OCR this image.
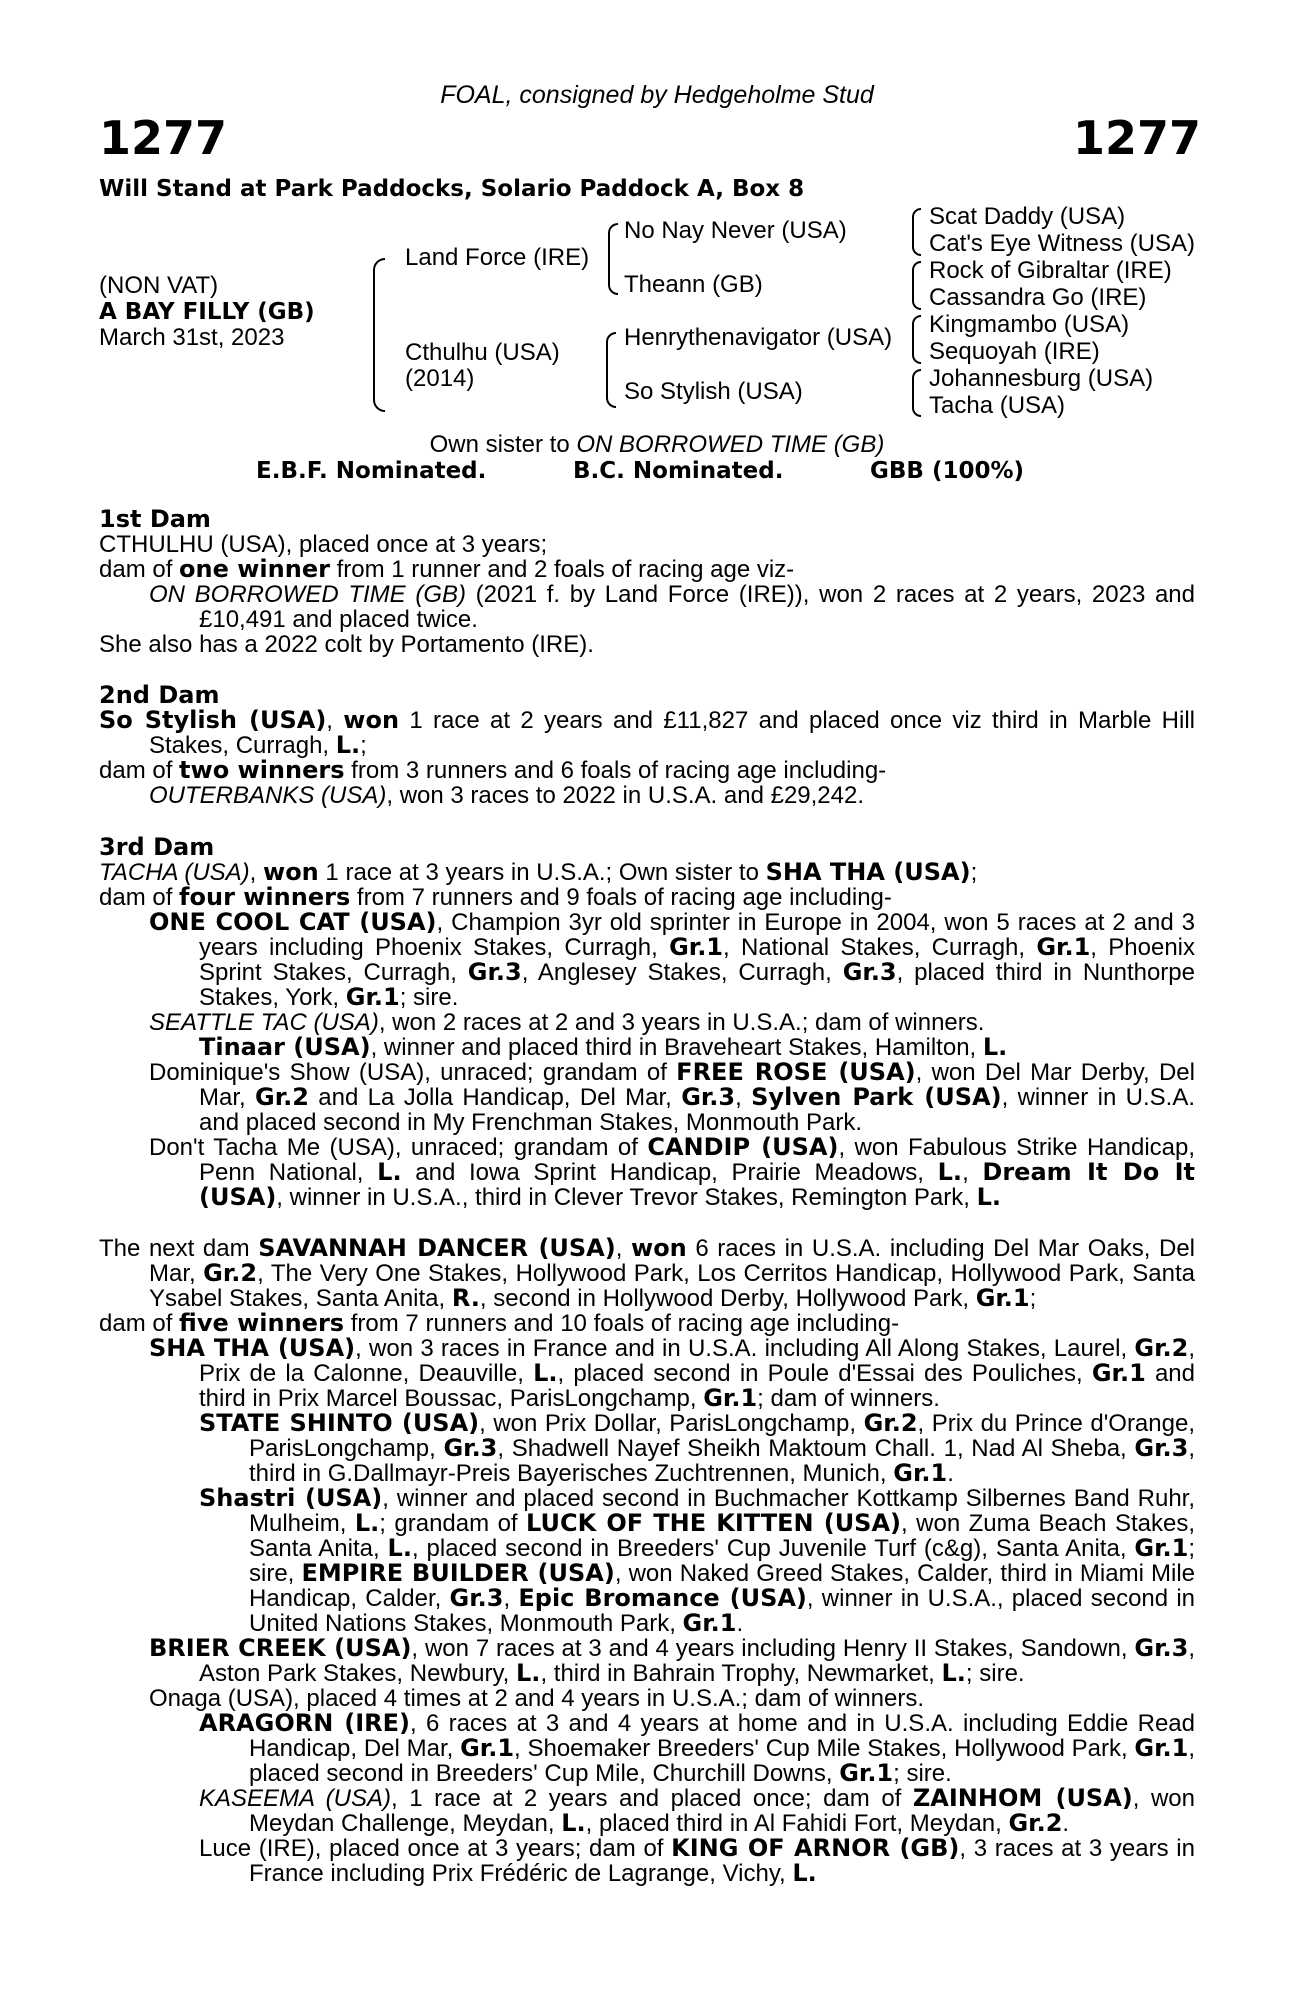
FOAL, consigned by Hedgeholme Stud
1277	1277
Will Stand at Park Paddocks, Solario Paddock A, Box 8
(NON VAT)
A BAY FILLY (GB)
March 31st, 2023
Land Force (IRE)
Cthulhu (USA)
(2014)
No Nay Never (USA)
Theann (GB)
Henrythenavigator (USA)
So Stylish (USA)
Scat Daddy (USA)
Cat's Eye Witness (USA)
Rock of Gibraltar (IRE)
Cassandra Go (IRE)
Kingmambo (USA)
Sequoyah (IRE)
Johannesburg (USA)
Tacha (USA)
Own sister to ON BORROWED TIME (GB)
E.B.F. Nominated.	B.C. Nominated.	GBB (100%)

1st Dam

CTHULHU (USA), placed once at 3 years;

dam of one winner from 1 runner and 2 foals of racing age viz-

ON BORROWED TIME (GB) (2021 f. by Land Force (IRE)), won 2 races at 2 years, 2023 and £10,491 and placed twice.

She also has a 2022 colt by Portamento (IRE).

2nd Dam

So Stylish (USA), won 1 race at 2 years and £11,827 and placed once viz third in Marble Hill Stakes, Curragh, L.;

dam of two winners from 3 runners and 6 foals of racing age including-

OUTERBANKS (USA), won 3 races to 2022 in U.S.A. and £29,242.

3rd Dam

TACHA (USA), won 1 race at 3 years in U.S.A.; Own sister to SHA THA (USA);

dam of four winners from 7 runners and 9 foals of racing age including-

ONE COOL CAT (USA), Champion 3yr old sprinter in Europe in 2004, won 5 races at 2 and 3 years including Phoenix Stakes, Curragh, Gr.1, National Stakes, Curragh, Gr.1, Phoenix Sprint Stakes, Curragh, Gr.3, Anglesey Stakes, Curragh, Gr.3, placed third in Nunthorpe Stakes, York, Gr.1; sire.

SEATTLE TAC (USA), won 2 races at 2 and 3 years in U.S.A.; dam of winners.

Tinaar (USA), winner and placed third in Braveheart Stakes, Hamilton, L.

Dominique's Show (USA), unraced; grandam of FREE ROSE (USA), won Del Mar Derby, Del Mar, Gr.2 and La Jolla Handicap, Del Mar, Gr.3, Sylven Park (USA), winner in U.S.A. and placed second in My Frenchman Stakes, Monmouth Park.

Don't Tacha Me (USA), unraced; grandam of CANDIP (USA), won Fabulous Strike Handicap, Penn National, L. and Iowa Sprint Handicap, Prairie Meadows, L., Dream It Do It (USA), winner in U.S.A., third in Clever Trevor Stakes, Remington Park, L.

The next dam SAVANNAH DANCER (USA), won 6 races in U.S.A. including Del Mar Oaks, Del Mar, Gr.2, The Very One Stakes, Hollywood Park, Los Cerritos Handicap, Hollywood Park, Santa Ysabel Stakes, Santa Anita, R., second in Hollywood Derby, Hollywood Park, Gr.1;

dam of five winners from 7 runners and 10 foals of racing age including-

SHA THA (USA), won 3 races in France and in U.S.A. including All Along Stakes, Laurel, Gr.2, Prix de la Calonne, Deauville, L., placed second in Poule d'Essai des Pouliches, Gr.1 and third in Prix Marcel Boussac, ParisLongchamp, Gr.1; dam of winners.

STATE SHINTO (USA), won Prix Dollar, ParisLongchamp, Gr.2, Prix du Prince d'Orange, ParisLongchamp, Gr.3, Shadwell Nayef Sheikh Maktoum Chall. 1, Nad Al Sheba, Gr.3, third in G.Dallmayr-Preis Bayerisches Zuchtrennen, Munich, Gr.1.

Shastri (USA), winner and placed second in Buchmacher Kottkamp Silbernes Band Ruhr, Mulheim, L.; grandam of LUCK OF THE KITTEN (USA), won Zuma Beach Stakes, Santa Anita, L., placed second in Breeders' Cup Juvenile Turf (c&g), Santa Anita, Gr.1; sire, EMPIRE BUILDER (USA), won Naked Greed Stakes, Calder, third in Miami Mile Handicap, Calder, Gr.3, Epic Bromance (USA), winner in U.S.A., placed second in United Nations Stakes, Monmouth Park, Gr.1.

BRIER CREEK (USA), won 7 races at 3 and 4 years including Henry II Stakes, Sandown, Gr.3, Aston Park Stakes, Newbury, L., third in Bahrain Trophy, Newmarket, L.; sire.

Onaga (USA), placed 4 times at 2 and 4 years in U.S.A.; dam of winners.

ARAGORN (IRE), 6 races at 3 and 4 years at home and in U.S.A. including Eddie Read Handicap, Del Mar, Gr.1, Shoemaker Breeders' Cup Mile Stakes, Hollywood Park, Gr.1, placed second in Breeders' Cup Mile, Churchill Downs, Gr.1; sire.

KASEEMA (USA), 1 race at 2 years and placed once; dam of ZAINHOM (USA), won Meydan Challenge, Meydan, L., placed third in Al Fahidi Fort, Meydan, Gr.2.

Luce (IRE), placed once at 3 years; dam of KING OF ARNOR (GB), 3 races at 3 years in France including Prix Frédéric de Lagrange, Vichy, L.
